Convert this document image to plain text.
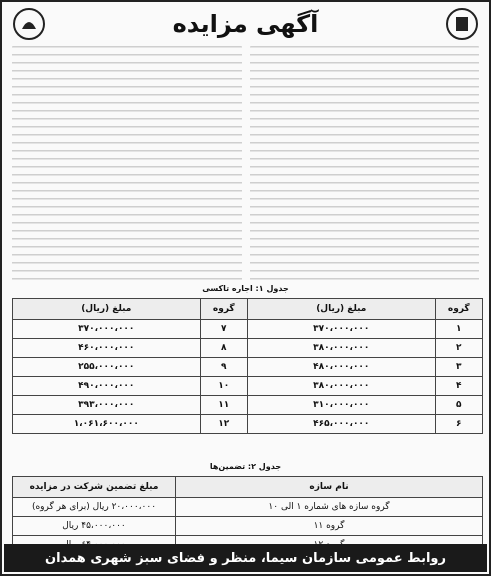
آگهی مزایده
جدول ۱: اجاره تاکسی
گروه	مبلغ (ریال)	گروه	مبلغ (ریال)
۱	۳۷۰،۰۰۰،۰۰۰	۷	۳۷۰،۰۰۰،۰۰۰
۲	۳۸۰،۰۰۰،۰۰۰	۸	۴۶۰،۰۰۰،۰۰۰
۳	۴۸۰،۰۰۰،۰۰۰	۹	۲۵۵،۰۰۰،۰۰۰
۴	۳۸۰،۰۰۰،۰۰۰	۱۰	۴۹۰،۰۰۰،۰۰۰
۵	۳۱۰،۰۰۰،۰۰۰	۱۱	۳۹۳،۰۰۰،۰۰۰
۶	۴۶۵،۰۰۰،۰۰۰	۱۲	۱،۰۶۱،۶۰۰،۰۰۰
جدول ۲: تضمین‌ها
نام سازه	مبلغ تضمین شرکت در مزایده
گروه سازه های شماره ۱ الی ۱۰	۲۰،۰۰۰،۰۰۰ ریال (برای هر گروه)
گروه ۱۱	۴۵،۰۰۰،۰۰۰ ریال

روابط عمومی سازمان سیما، منظر و فضای سبز شهری همدان
